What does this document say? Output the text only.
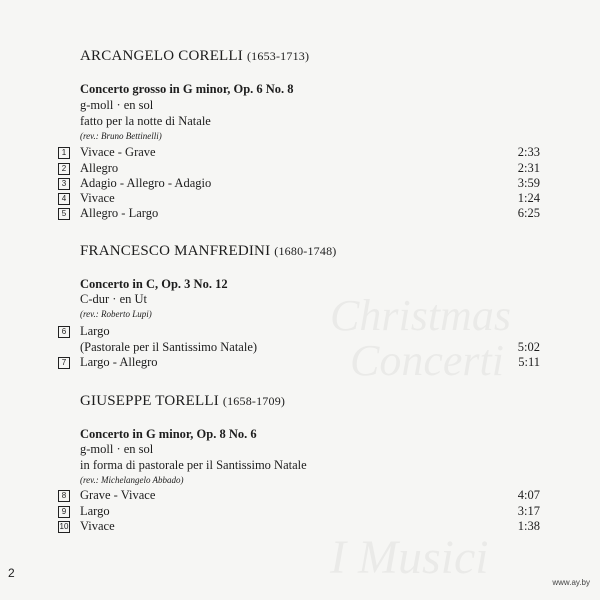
ARCANGELO CORELLI (1653-1713)
Concerto grosso in G minor, Op. 6 No. 8
g-moll · en sol
fatto per la notte di Natale
(rev.: Bruno Bettinelli)
1	Vivace - Grave	2:33
2	Allegro	2:31
3	Adagio - Allegro - Adagio	3:59
4	Vivace	1:24
5	Allegro - Largo	6:25
FRANCESCO MANFREDINI (1680-1748)
Concerto in C, Op. 3 No. 12
C-dur · en Ut
(rev.: Roberto Lupi)
6	Largo
(Pastorale per il Santissimo Natale)	5:02
7	Largo - Allegro	5:11
GIUSEPPE TORELLI (1658-1709)
Concerto in G minor, Op. 8 No. 6
g-moll · en sol
in forma di pastorale per il Santissimo Natale
(rev.: Michelangelo Abbado)
8	Grave - Vivace	4:07
9	Largo	3:17
10 Vivace	1:38
2
www.ay.by
